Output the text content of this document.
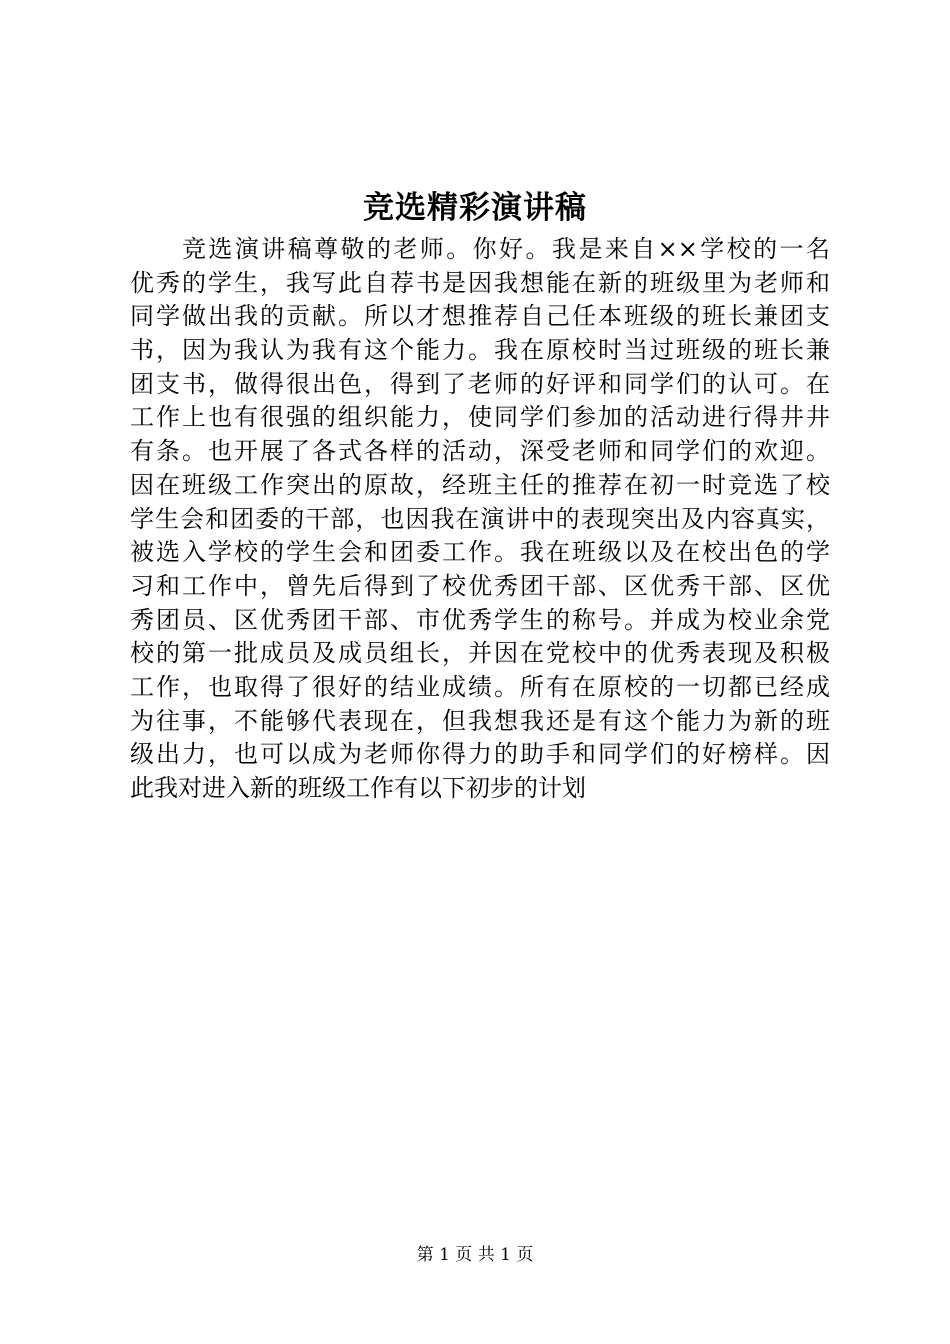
竞选精彩演讲稿
竞选演讲稿尊敬的老师。你好。我是来自××学校的一名
优秀的学生，我写此自荐书是因我想能在新的班级里为老师和
同学做出我的贡献。所以才想推荐自己任本班级的班长兼团支
书，因为我认为我有这个能力。我在原校时当过班级的班长兼
团支书，做得很出色，得到了老师的好评和同学们的认可。在
工作上也有很强的组织能力，使同学们参加的活动进行得井井
有条。也开展了各式各样的活动，深受老师和同学们的欢迎。
因在班级工作突出的原故，经班主任的推荐在初一时竞选了校
学生会和团委的干部，也因我在演讲中的表现突出及内容真实，
被选入学校的学生会和团委工作。我在班级以及在校出色的学
习和工作中，曾先后得到了校优秀团干部、区优秀干部、区优
秀团员、区优秀团干部、市优秀学生的称号。并成为校业余党
校的第一批成员及成员组长，并因在党校中的优秀表现及积极
工作，也取得了很好的结业成绩。所有在原校的一切都已经成
为往事，不能够代表现在，但我想我还是有这个能力为新的班
级出力，也可以成为老师你得力的助手和同学们的好榜样。因
此我对进入新的班级工作有以下初步的计划
第 1 页 共 1 页
